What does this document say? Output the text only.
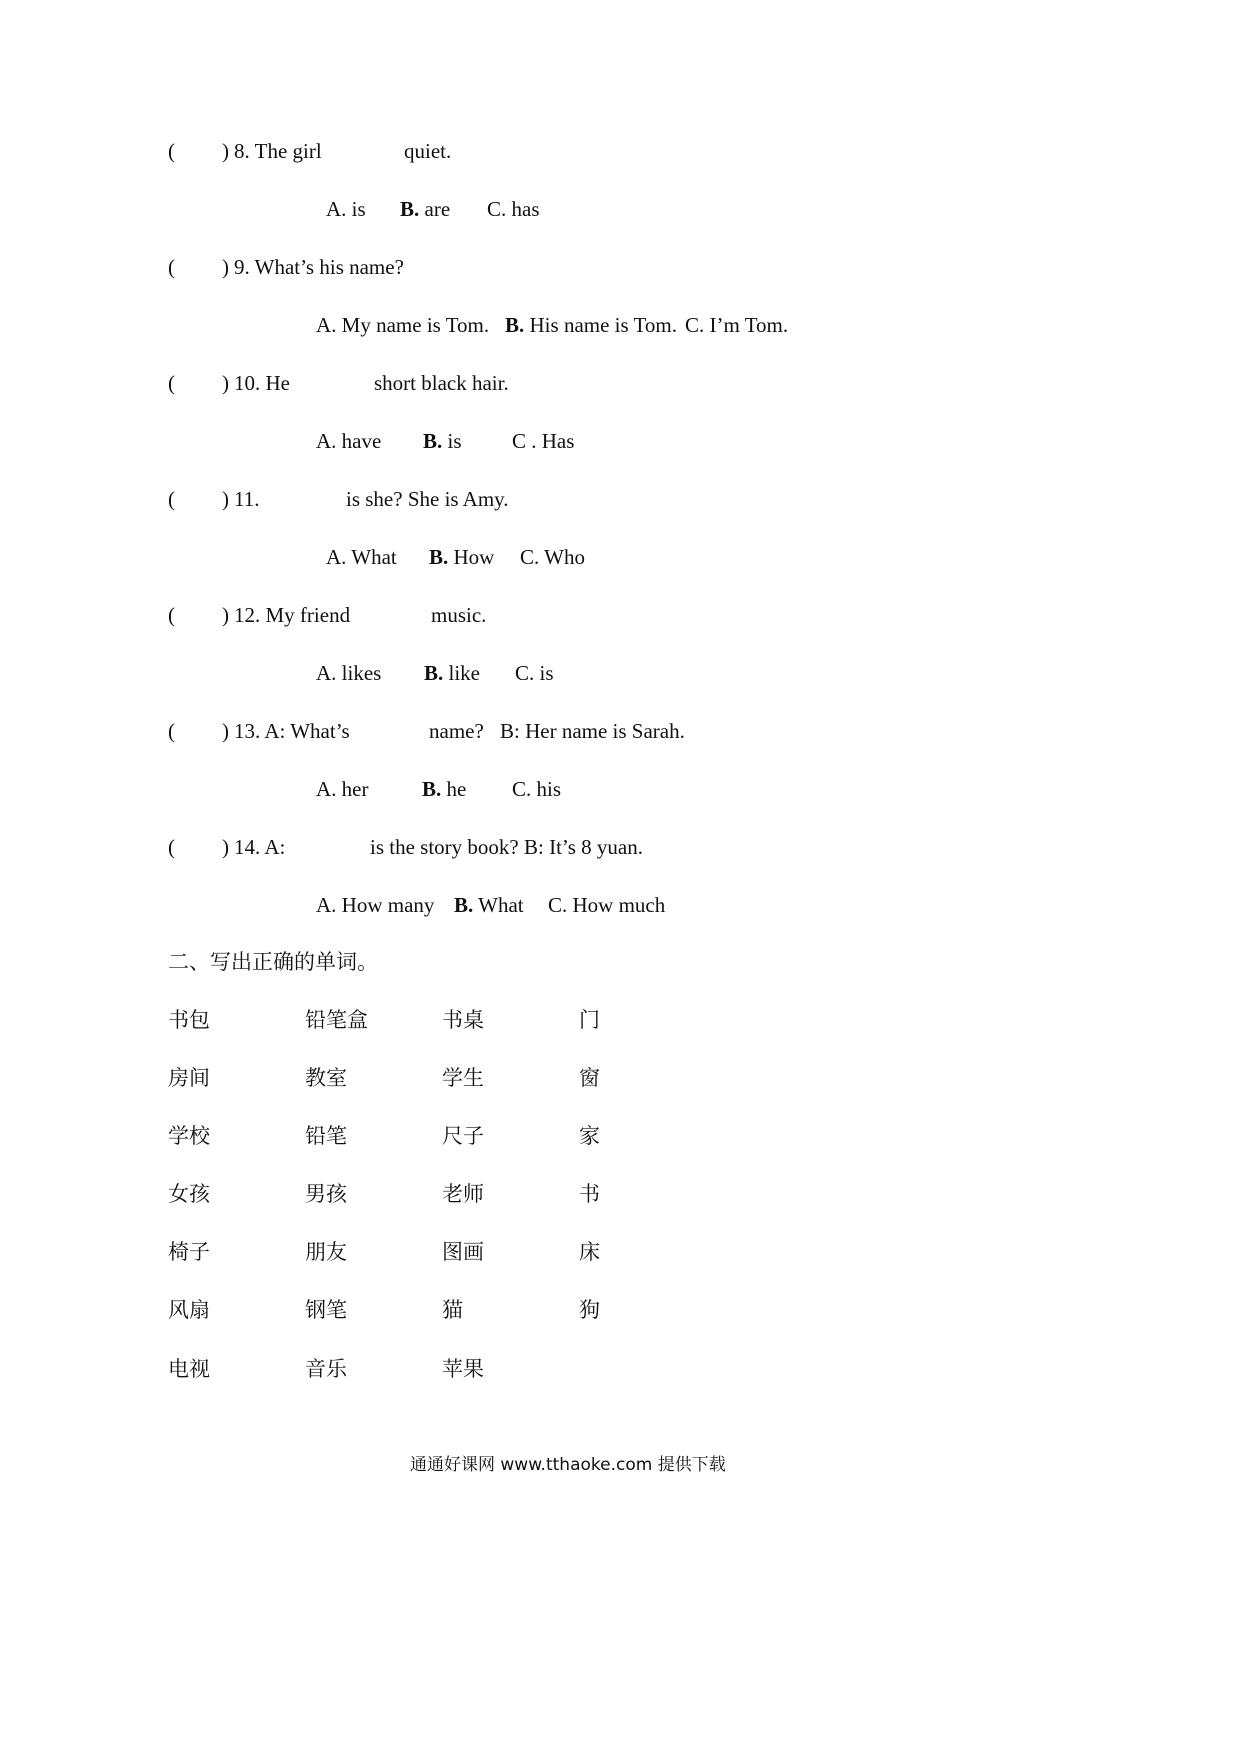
( ) 8. The girl	quiet.
A. is B. are C. has
( ) 9. What’s his name?
A. My name is Tom. B. His name is Tom. C. I’m Tom.
( ) 10. He	short black hair.
A. have B. is C . Has
( ) 11.	is she? She is Amy.
A. What B. How C. Who
( ) 12. My friend	music.
A. likes B. like C. is
( ) 13. A: What’s	name? B: Her name is Sarah.
A. her	B. he C. his
( ) 14. A:	is the story book? B: It’s 8 yuan.
A. How many B. What C. How much
二、写出正确的单词。
书包	铅笔盒	书桌	门
房间	教室	学生	窗
学校	铅笔	尺子	家
女孩	男孩	老师	书
椅子	朋友	图画	床
风扇	钢笔	猫	狗
电视	音乐	苹果
通通好课网 www.tthaoke.com 提供下载
